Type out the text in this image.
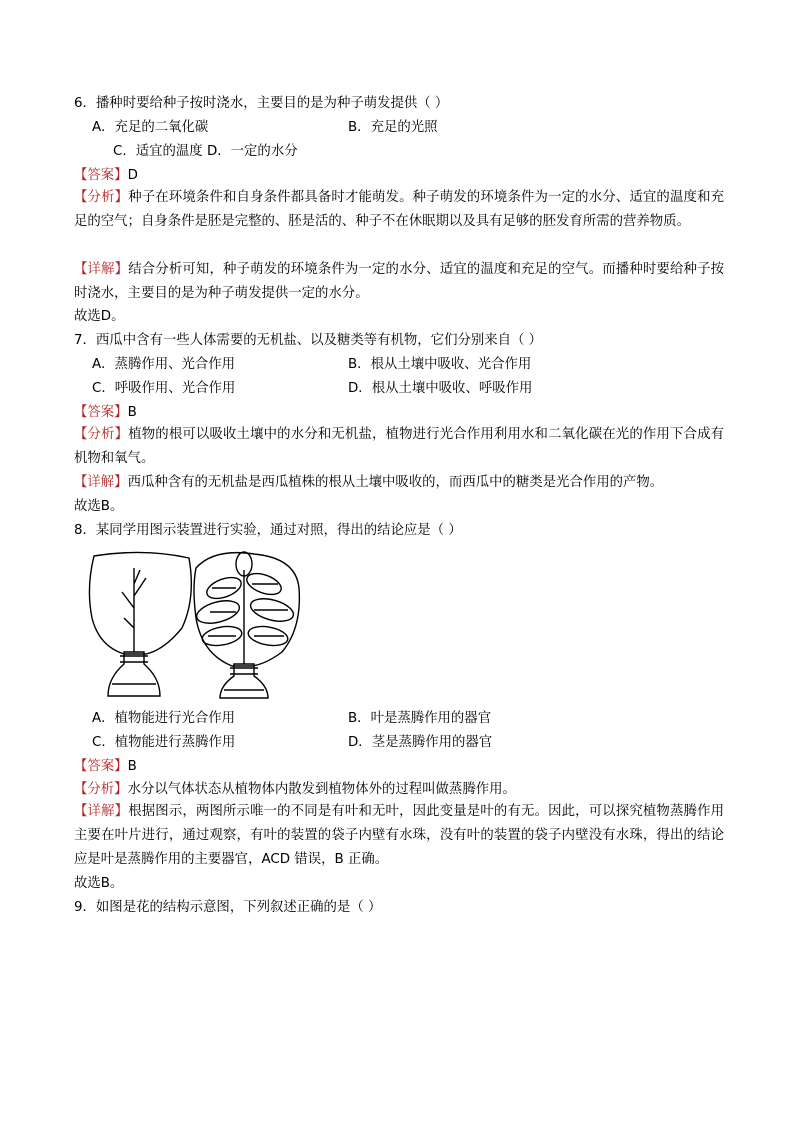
6．播种时要给种子按时浇水，主要目的是为种子萌发提供（ ）
A．充足的二氧化碳	B．充足的光照
C．适宜的温度 D．一定的水分
【答案】D
【分析】种子在环境条件和自身条件都具备时才能萌发。种子萌发的环境条件为一定的水分、适宜的温度和充足的空气；自身条件是胚是完整的、胚是活的、种子不在休眠期以及具有足够的胚发育所需的营养物质。
【详解】结合分析可知，种子萌发的环境条件为一定的水分、适宜的温度和充足的空气。而播种时要给种子按时浇水，主要目的是为种子萌发提供一定的水分。
故选D。
7．西瓜中含有一些人体需要的无机盐、以及糖类等有机物，它们分别来自（ ）
A．蒸腾作用、光合作用	B．根从土壤中吸收、光合作用
C．呼吸作用、光合作用	D．根从土壤中吸收、呼吸作用
【答案】B
【分析】植物的根可以吸收土壤中的水分和无机盐，植物进行光合作用利用水和二氧化碳在光的作用下合成有机物和氧气。
【详解】西瓜种含有的无机盐是西瓜植株的根从土壤中吸收的，而西瓜中的糖类是光合作用的产物。
故选B。
8．某同学用图示装置进行实验，通过对照，得出的结论应是（ ）
A．植物能进行光合作用	B．叶是蒸腾作用的器官
C．植物能进行蒸腾作用	D．茎是蒸腾作用的器官
【答案】B
【分析】水分以气体状态从植物体内散发到植物体外的过程叫做蒸腾作用。
【详解】根据图示，两图所示唯一的不同是有叶和无叶，因此变量是叶的有无。因此，可以探究植物蒸腾作用主要在叶片进行，通过观察，有叶的装置的袋子内壁有水珠，没有叶的装置的袋子内壁没有水珠，得出的结论应是叶是蒸腾作用的主要器官，ACD 错误，B 正确。
故选B。
9．如图是花的结构示意图，下列叙述正确的是（ ）
